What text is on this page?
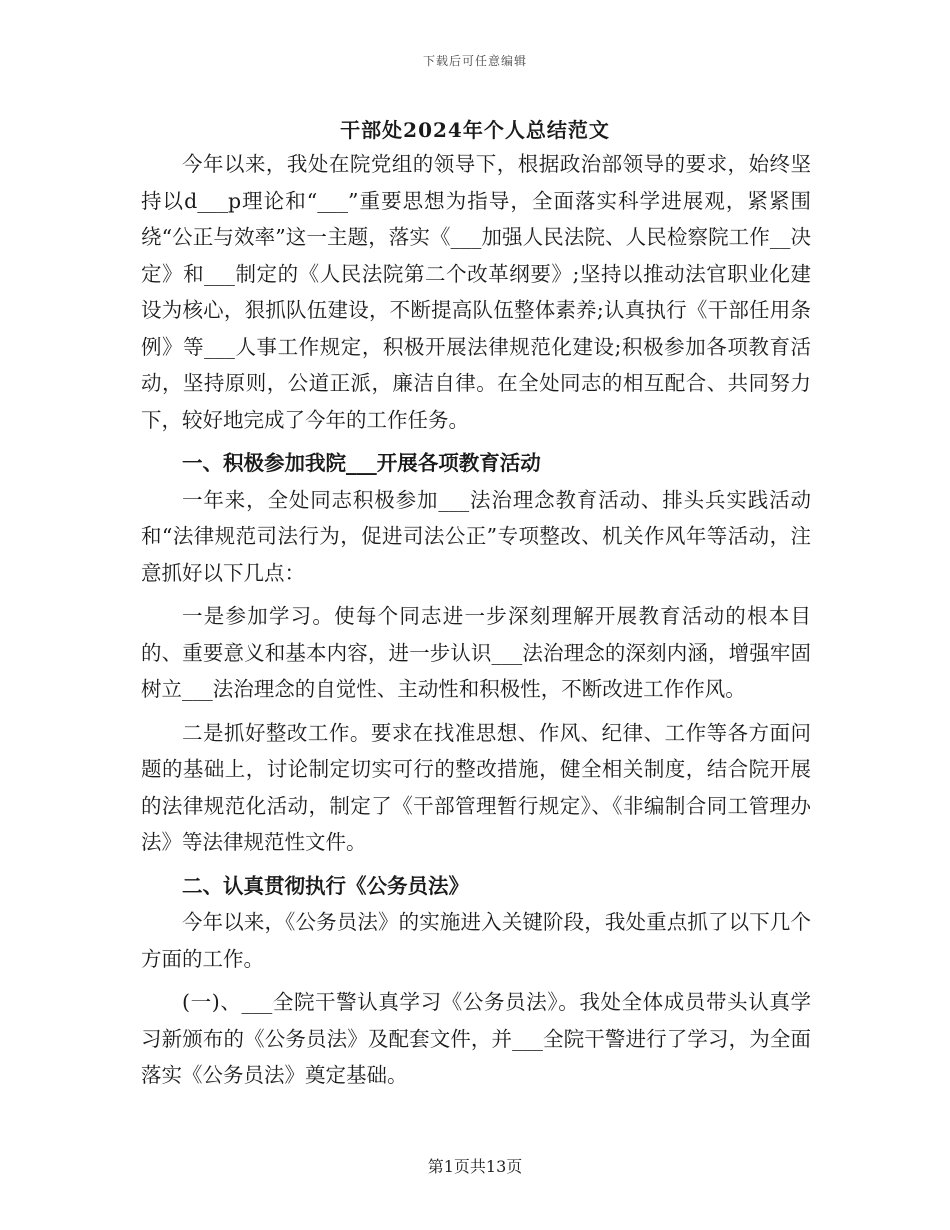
下载后可任意编辑
干部处2024年个人总结范文

今年以来，我处在院党组的领导下，根据政治部领导的要求，始终坚持以d___p理论和“___”重要思想为指导，全面落实科学进展观，紧紧围绕“公正与效率”这一主题，落实《___加强人民法院、人民检察院工作__决定》和___制定的《人民法院第二个改革纲要》;坚持以推动法官职业化建设为核心，狠抓队伍建设，不断提高队伍整体素养;认真执行《干部任用条例》等___人事工作规定，积极开展法律规范化建设;积极参加各项教育活动，坚持原则，公道正派，廉洁自律。在全处同志的相互配合、共同努力下，较好地完成了今年的工作任务。

一、积极参加我院___开展各项教育活动

一年来，全处同志积极参加___法治理念教育活动、排头兵实践活动和“法律规范司法行为，促进司法公正”专项整改、机关作风年等活动，注意抓好以下几点：

一是参加学习。使每个同志进一步深刻理解开展教育活动的根本目的、重要意义和基本内容，进一步认识___法治理念的深刻内涵，增强牢固树立___法治理念的自觉性、主动性和积极性，不断改进工作作风。

二是抓好整改工作。要求在找准思想、作风、纪律、工作等各方面问题的基础上，讨论制定切实可行的整改措施，健全相关制度，结合院开展的法律规范化活动，制定了《干部管理暂行规定》、《非编制合同工管理办法》等法律规范性文件。

二、认真贯彻执行《公务员法》

今年以来，《公务员法》的实施进入关键阶段，我处重点抓了以下几个方面的工作。

(一)、___全院干警认真学习《公务员法》。我处全体成员带头认真学习新颁布的《公务员法》及配套文件，并___全院干警进行了学习，为全面落实《公务员法》奠定基础。

第1页共13页
